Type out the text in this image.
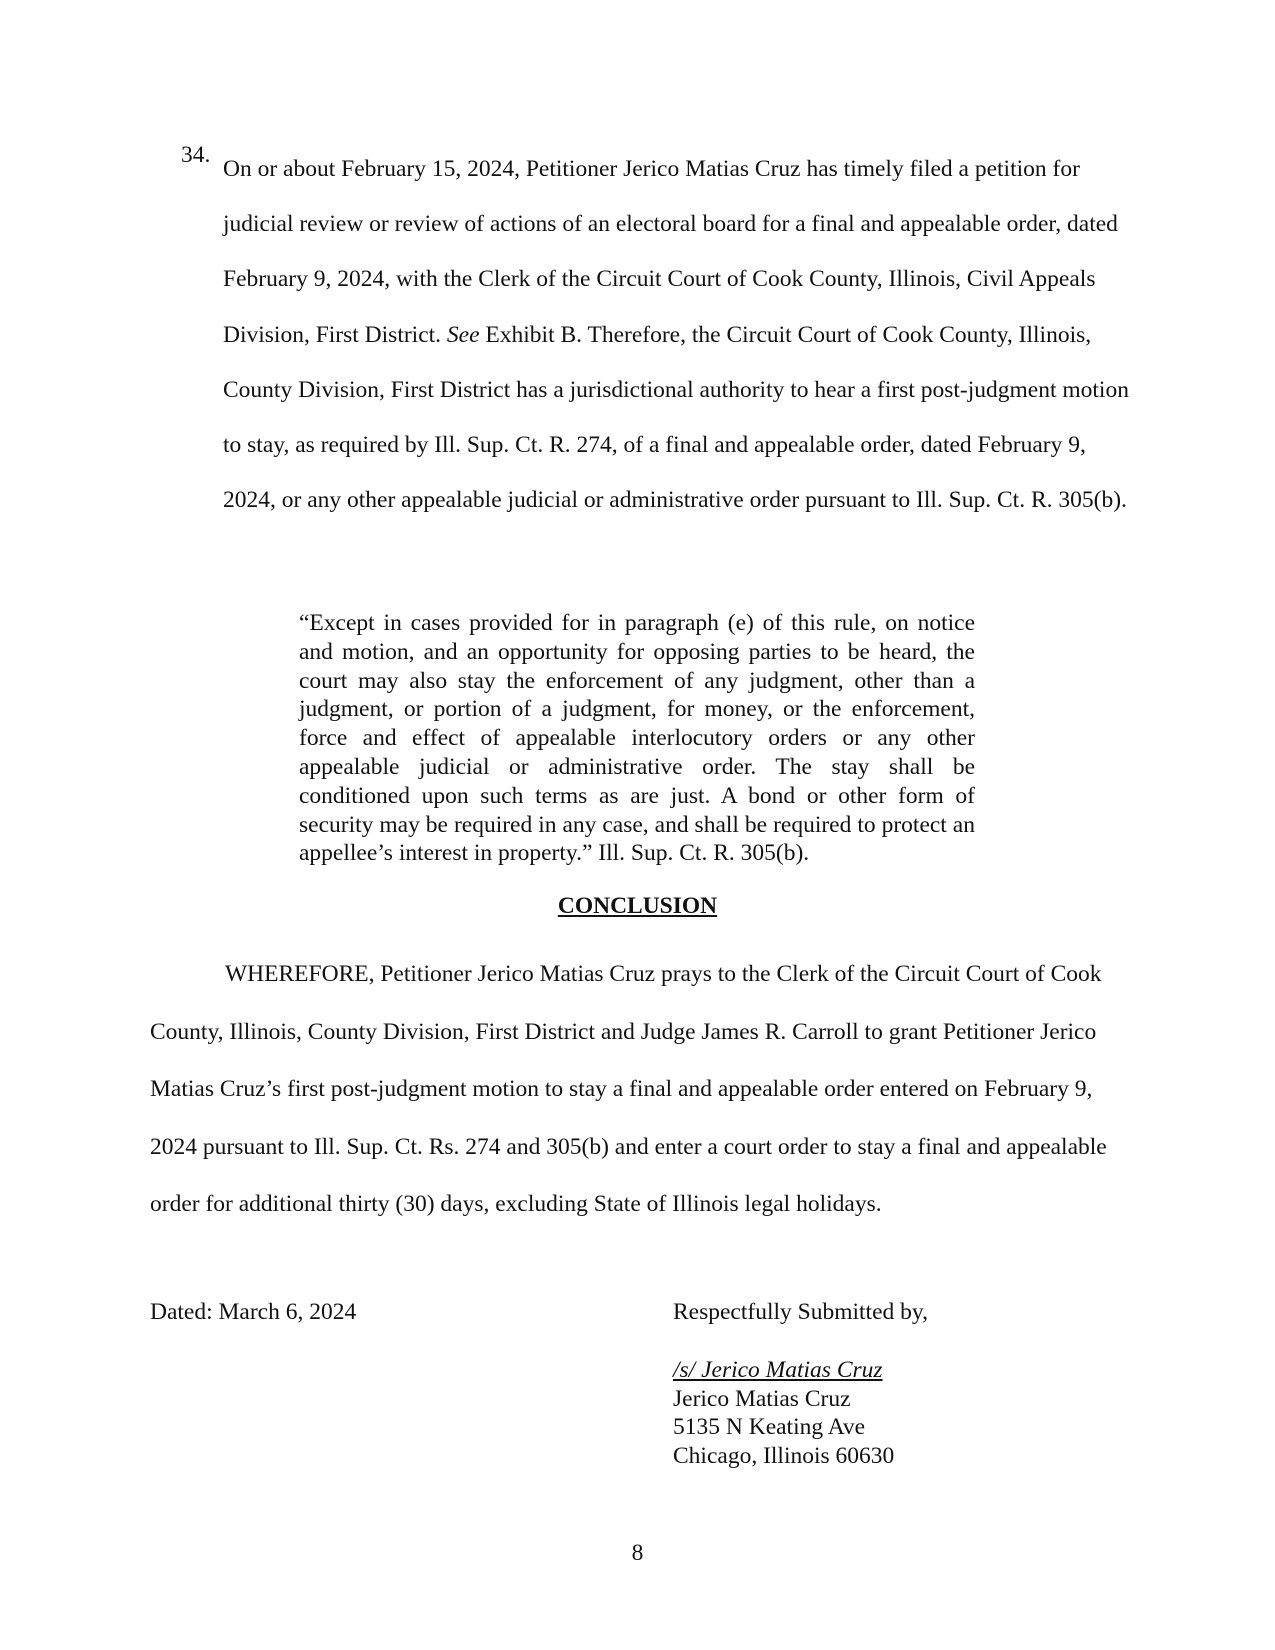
34.
On or about February 15, 2024, Petitioner Jerico Matias Cruz has timely filed a petition for judicial review or review of actions of an electoral board for a final and appealable order, dated February 9, 2024, with the Clerk of the Circuit Court of Cook County, Illinois, Civil Appeals Division, First District. See Exhibit B. Therefore, the Circuit Court of Cook County, Illinois, County Division, First District has a jurisdictional authority to hear a first post-judgment motion to stay, as required by Ill. Sup. Ct. R. 274, of a final and appealable order, dated February 9, 2024, or any other appealable judicial or administrative order pursuant to Ill. Sup. Ct. R. 305(b).
“Except in cases provided for in paragraph (e) of this rule, on notice and motion, and an opportunity for opposing parties to be heard, the court may also stay the enforcement of any judgment, other than a judgment, or portion of a judgment, for money, or the enforcement, force and effect of appealable interlocutory orders or any other appealable judicial or administrative order. The stay shall be conditioned upon such terms as are just. A bond or other form of security may be required in any case, and shall be required to protect an appellee’s interest in property.” Ill. Sup. Ct. R. 305(b).
CONCLUSION
WHEREFORE, Petitioner Jerico Matias Cruz prays to the Clerk of the Circuit Court of Cook County, Illinois, County Division, First District and Judge James R. Carroll to grant Petitioner Jerico Matias Cruz’s first post-judgment motion to stay a final and appealable order entered on February 9, 2024 pursuant to Ill. Sup. Ct. Rs. 274 and 305(b) and enter a court order to stay a final and appealable order for additional thirty (30) days, excluding State of Illinois legal holidays.
Dated: March 6, 2024	Respectfully Submitted by,
/s/ Jerico Matias Cruz
Jerico Matias Cruz
5135 N Keating Ave
Chicago, Illinois 60630
8
